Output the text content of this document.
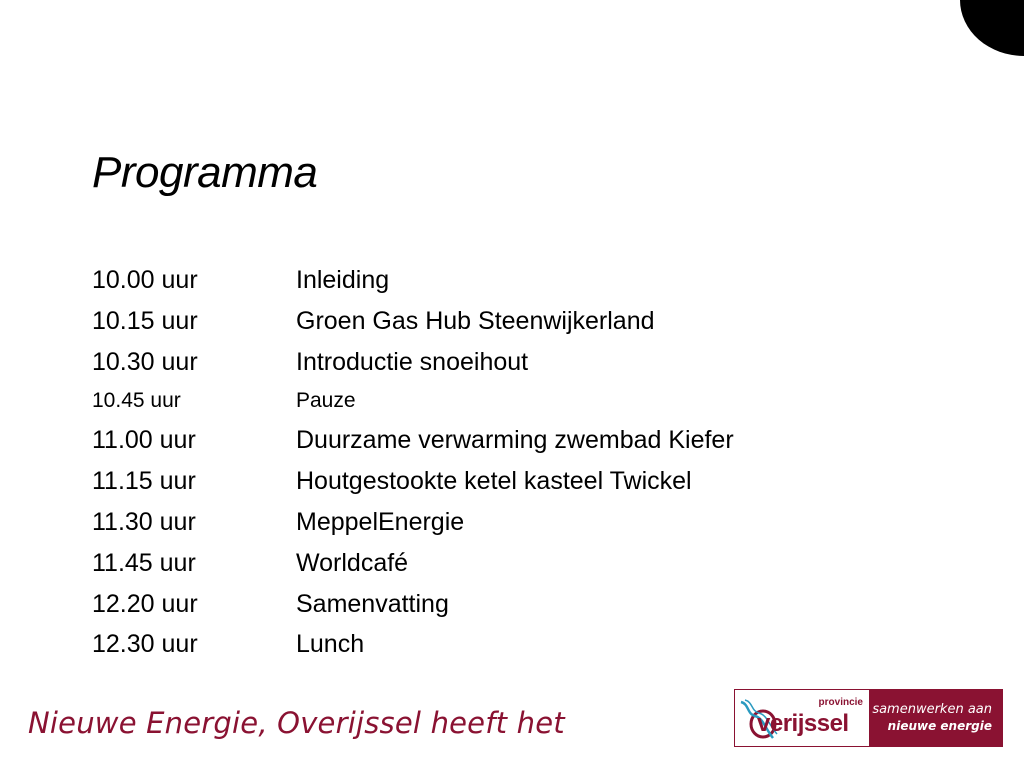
Programma
10.00 uur	Inleiding
10.15 uur	Groen Gas Hub Steenwijkerland
10.30 uur	Introductie snoeihout
10.45 uur	Pauze
11.00 uur	Duurzame verwarming zwembad Kiefer
11.15 uur	Houtgestookte ketel kasteel Twickel
11.30 uur	MeppelEnergie
11.45 uur	Worldcafé
12.20 uur	Samenvatting
12.30 uur	Lunch
Nieuwe Energie, Overijssel heeft het
provincie
verijssel
samenwerken aan
nieuwe energie
